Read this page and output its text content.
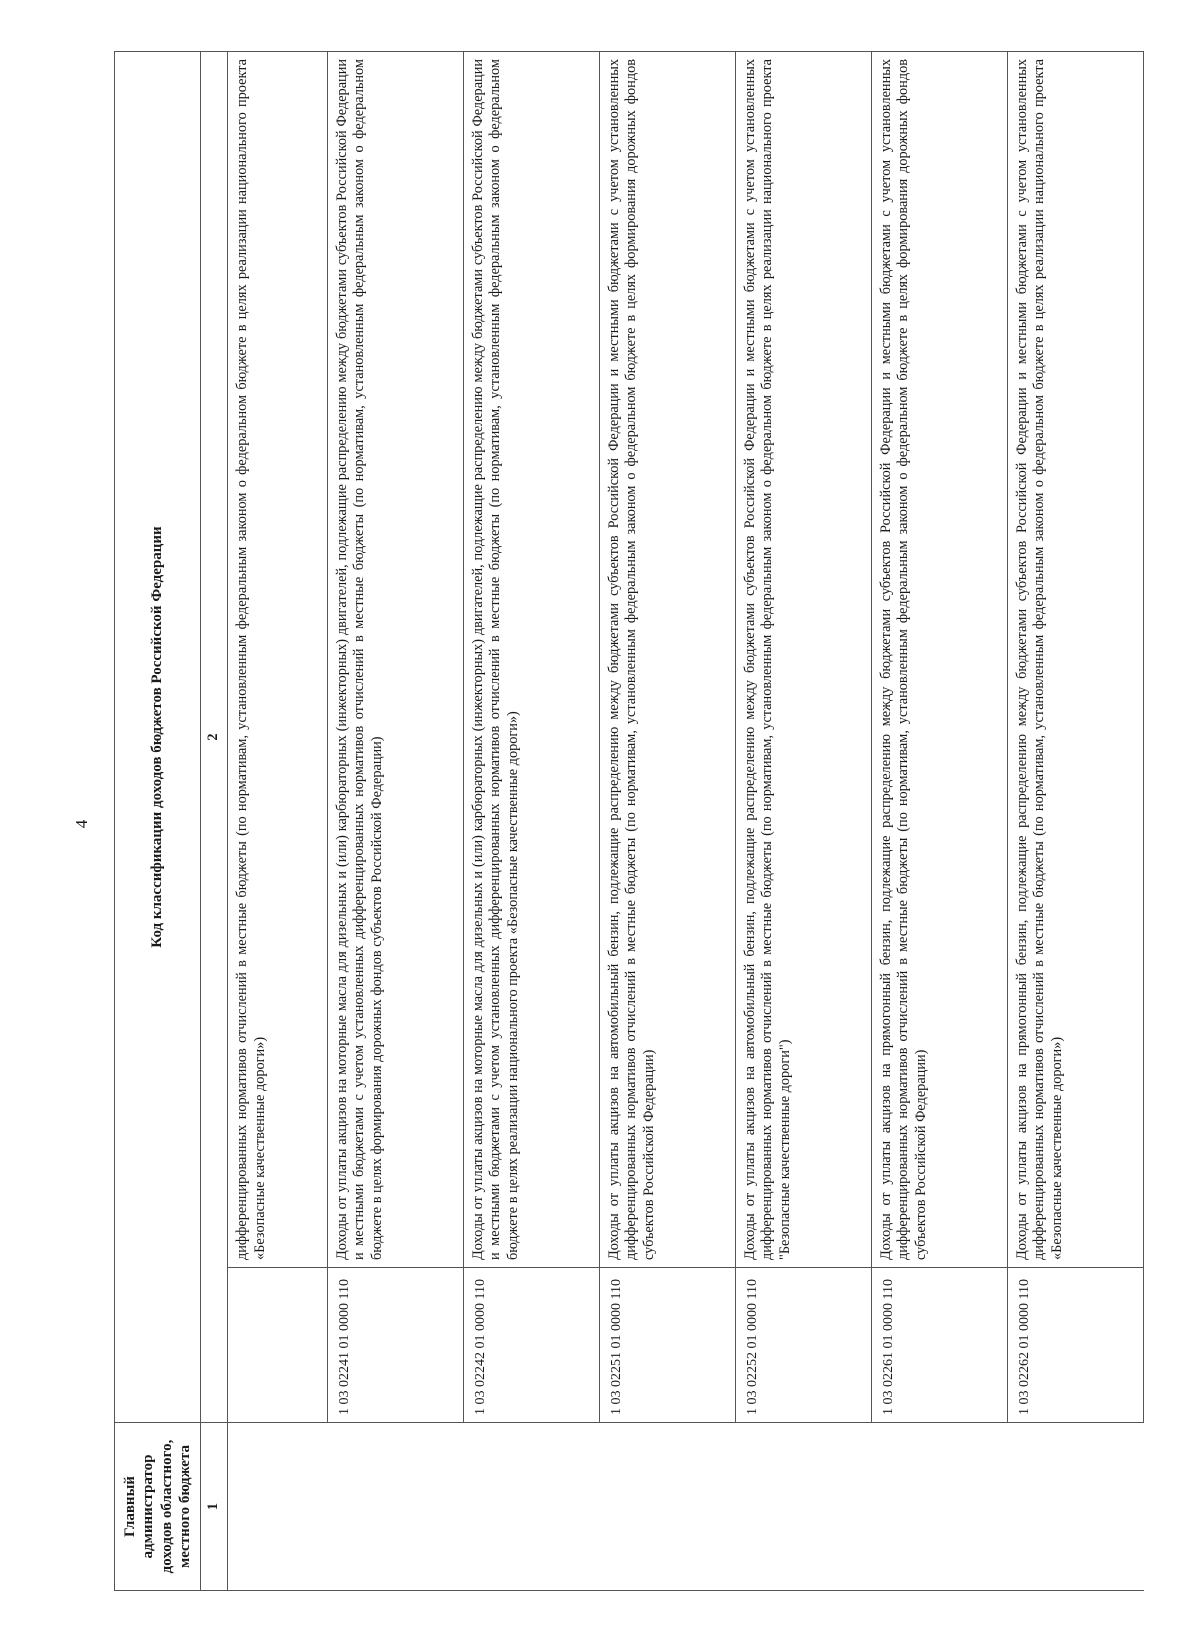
4
Главный администратор доходов областного, местного бюджета	Код классификации доходов бюджетов Российской Федерации	
1	2	
		дифференцированных нормативов отчислений в местные бюджеты (по нормативам, установленным федеральным законом о федеральном бюджете в целях реализации национального проекта «Безопасные качественные дороги»)
	1 03 02241 01 0000 110	Доходы от уплаты акцизов на моторные масла для дизельных и (или) карбюраторных (инжекторных) двигателей, подлежащие распределению между бюджетами субъектов Российской Федерации и местными бюджетами с учетом установленных дифференцированных нормативов отчислений в местные бюджеты (по нормативам, установленным федеральным законом о федеральном бюджете в целях формирования дорожных фондов субъектов Российской Федерации)
	1 03 02242 01 0000 110	Доходы от уплаты акцизов на моторные масла для дизельных и (или) карбюраторных (инжекторных) двигателей, подлежащие распределению между бюджетами субъектов Российской Федерации и местными бюджетами с учетом установленных дифференцированных нормативов отчислений в местные бюджеты (по нормативам, установленным федеральным законом о федеральном бюджете в целях реализации национального проекта «Безопасные качественные дороги»)
	1 03 02251 01 0000 110	Доходы от уплаты акцизов на автомобильный бензин, подлежащие распределению между бюджетами субъектов Российской Федерации и местными бюджетами с учетом установленных дифференцированных нормативов отчислений в местные бюджеты (по нормативам, установленным федеральным законом о федеральном бюджете в целях формирования дорожных фондов субъектов Российской Федерации)
	1 03 02252 01 0000 110	Доходы от уплаты акцизов на автомобильный бензин, подлежащие распределению между бюджетами субъектов Российской Федерации и местными бюджетами с учетом установленных дифференцированных нормативов отчислений в местные бюджеты (по нормативам, установленным федеральным законом о федеральном бюджете в целях реализации национального проекта "Безопасные качественные дороги")
	1 03 02261 01 0000 110	Доходы от уплаты акцизов на прямогонный бензин, подлежащие распределению между бюджетами субъектов Российской Федерации и местными бюджетами с учетом установленных дифференцированных нормативов отчислений в местные бюджеты (по нормативам, установленным федеральным законом о федеральном бюджете в целях формирования дорожных фондов субъектов Российской Федерации)
	1 03 02262 01 0000 110	Доходы от уплаты акцизов на прямогонный бензин, подлежащие распределению между бюджетами субъектов Российской Федерации и местными бюджетами с учетом установленных дифференцированных нормативов отчислений в местные бюджеты (по нормативам, установленным федеральным законом о федеральном бюджете в целях реализации национального проекта «Безопасные качественные дороги»)
